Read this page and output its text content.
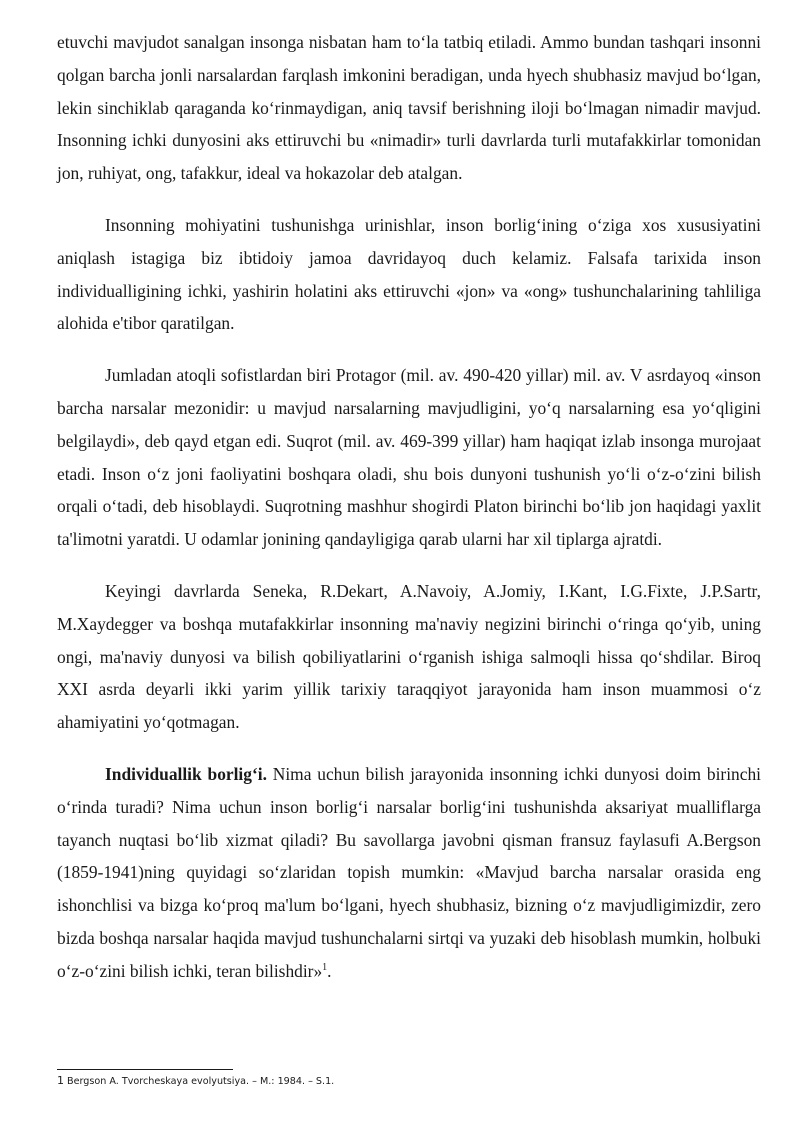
etuvchi mavjudot sanalgan insonga nisbatan ham to‘la tatbiq etiladi. Ammo bundan tashqari insonni qolgan barcha jonli narsalardan farqlash imkonini beradigan, unda hyech shubhasiz mavjud bo‘lgan, lekin sinchiklab qaraganda ko‘rinmaydigan, aniq tavsif berishning iloji bo‘lmagan nimadir mavjud. Insonning ichki dunyosini aks ettiruvchi bu «nimadir» turli davrlarda turli mutafakkirlar tomonidan jon, ruhiyat, ong, tafakkur, ideal va hokazolar deb atalgan.

Insonning mohiyatini tushunishga urinishlar, inson borlig‘ining o‘ziga xos xususiyatini aniqlash istagiga biz ibtidoiy jamoa davridayoq duch kelamiz. Falsafa tarixida inson individualligining ichki, yashirin holatini aks ettiruvchi «jon» va «ong» tushunchalarining tahliliga alohida e'tibor qaratilgan.

Jumladan atoqli sofistlardan biri Protagor (mil. av. 490-420 yillar) mil. av. V asrdayoq «inson barcha narsalar mezonidir: u mavjud narsalarning mavjudligini, yo‘q narsalarning esa yo‘qligini belgilaydi», deb qayd etgan edi. Suqrot (mil. av. 469-399 yillar) ham haqiqat izlab insonga murojaat etadi. Inson o‘z joni faoliyatini boshqara oladi, shu bois dunyoni tushunish yo‘li o‘z-o‘zini bilish orqali o‘tadi, deb hisoblaydi. Suqrotning mashhur shogirdi Platon birinchi bo‘lib jon haqidagi yaxlit ta'limotni yaratdi. U odamlar jonining qandayligiga qarab ularni har xil tiplarga ajratdi.

Keyingi davrlarda Seneka, R.Dekart, A.Navoiy, A.Jomiy, I.Kant, I.G.Fixte, J.P.Sartr, M.Xaydegger va boshqa mutafakkirlar insonning ma'naviy negizini birinchi o‘ringa qo‘yib, uning ongi, ma'naviy dunyosi va bilish qobiliyatlarini o‘rganish ishiga salmoqli hissa qo‘shdilar. Biroq XXI asrda deyarli ikki yarim yillik tarixiy taraqqiyot jarayonida ham inson muammosi o‘z ahamiyatini yo‘qotmagan.

Individuallik borlig‘i. Nima uchun bilish jarayonida insonning ichki dunyosi doim birinchi o‘rinda turadi? Nima uchun inson borlig‘i narsalar borlig‘ini tushunishda aksariyat mualliflarga tayanch nuqtasi bo‘lib xizmat qiladi? Bu savollarga javobni qisman fransuz faylasufi A.Bergson (1859-1941)ning quyidagi so‘zlaridan topish mumkin: «Mavjud barcha narsalar orasida eng ishonchlisi va bizga ko‘proq ma'lum bo‘lgani, hyech shubhasiz, bizning o‘z mavjudligimizdir, zero bizda boshqa narsalar haqida mavjud tushunchalarni sirtqi va yuzaki deb hisoblash mumkin, holbuki o‘z-o‘zini bilish ichki, teran bilishdir»$^1$.

1 Bergson A. Tvorcheskaya evolyutsiya. – M.: 1984. – S.1.
